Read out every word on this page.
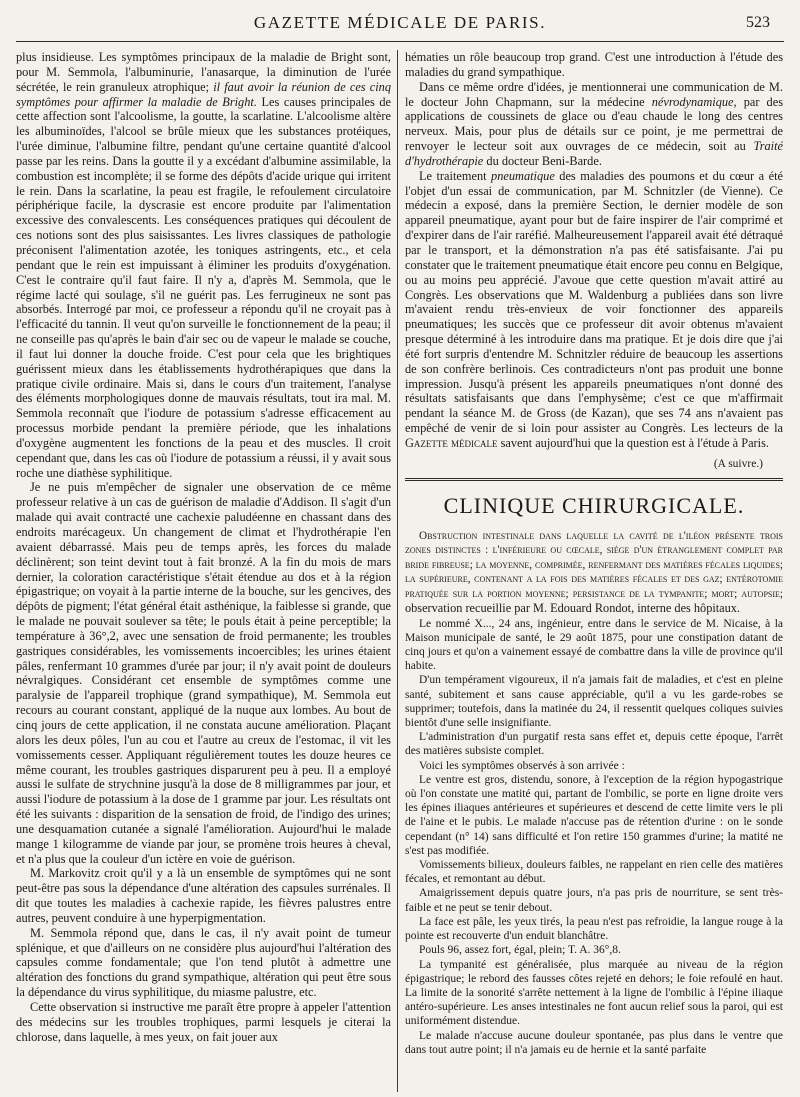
GAZETTE MÉDICALE DE PARIS.	523

plus insidieuse. Les symptômes principaux de la maladie de Bright sont, pour M. Semmola, l'albuminurie, l'anasarque, la diminution de l'urée sécrétée, le rein granuleux atrophique; il faut avoir la réunion de ces cinq symptômes pour affirmer la maladie de Bright. Les causes principales de cette affection sont l'alcoolisme, la goutte, la scarlatine. L'alcoolisme altère les albuminoïdes, l'alcool se brûle mieux que les substances protéiques, l'urée diminue, l'albumine filtre, pendant qu'une certaine quantité d'alcool passe par les reins. Dans la goutte il y a excédant d'albumine assimilable, la combustion est incomplète; il se forme des dépôts d'acide urique qui irritent le rein. Dans la scarlatine, la peau est fragile, le refoulement circulatoire périphérique facile, la dyscrasie est encore produite par l'alimentation excessive des convalescents. Les conséquences pratiques qui découlent de ces notions sont des plus saisissantes. Les livres classiques de pathologie préconisent l'alimentation azotée, les toniques astringents, etc., et cela pendant que le rein est impuissant à éliminer les produits d'oxygénation. C'est le contraire qu'il faut faire. Il n'y a, d'après M. Semmola, que le régime lacté qui soulage, s'il ne guérit pas. Les ferrugineux ne sont pas absorbés. Interrogé par moi, ce professeur a répondu qu'il ne croyait pas à l'efficacité du tannin. Il veut qu'on surveille le fonctionnement de la peau; il ne conseille pas qu'après le bain d'air sec ou de vapeur le malade se couche, il faut lui donner la douche froide. C'est pour cela que les brightiques guérissent mieux dans les établissements hydrothérapiques que dans la pratique civile ordinaire. Mais si, dans le cours d'un traitement, l'analyse des éléments morphologiques donne de mauvais résultats, tout ira mal. M. Semmola reconnaît que l'iodure de potassium s'adresse efficacement au processus morbide pendant la première période, que les inhalations d'oxygène augmentent les fonctions de la peau et des muscles. Il croit cependant que, dans les cas où l'iodure de potassium a réussi, il y avait sous roche une diathèse syphilitique.

Je ne puis m'empêcher de signaler une observation de ce même professeur relative à un cas de guérison de maladie d'Addison. Il s'agit d'un malade qui avait contracté une cachexie paludéenne en chassant dans des endroits marécageux. Un changement de climat et l'hydrothérapie l'en avaient débarrassé. Mais peu de temps après, les forces du malade déclinèrent; son teint devint tout à fait bronzé. A la fin du mois de mars dernier, la coloration caractéristique s'était étendue au dos et à la région épigastrique; on voyait à la partie interne de la bouche, sur les gencives, des dépôts de pigment; l'état général était asthénique, la faiblesse si grande, que le malade ne pouvait soulever sa tête; le pouls était à peine perceptible; la température à 36°,2, avec une sensation de froid permanente; les troubles gastriques considérables, les vomissements incoercibles; les urines étaient pâles, renfermant 10 grammes d'urée par jour; il n'y avait point de douleurs névralgiques. Considérant cet ensemble de symptômes comme une paralysie de l'appareil trophique (grand sympathique), M. Semmola eut recours au courant constant, appliqué de la nuque aux lombes. Au bout de cinq jours de cette application, il ne constata aucune amélioration. Plaçant alors les deux pôles, l'un au cou et l'autre au creux de l'estomac, il vit les vomissements cesser. Appliquant régulièrement toutes les douze heures ce même courant, les troubles gastriques disparurent peu à peu. Il a employé aussi le sulfate de strychnine jusqu'à la dose de 8 milligrammes par jour, et aussi l'iodure de potassium à la dose de 1 gramme par jour. Les résultats ont été les suivants : disparition de la sensation de froid, de l'indigo des urines; une desquamation cutanée a signalé l'amélioration. Aujourd'hui le malade mange 1 kilogramme de viande par jour, se promène trois heures à cheval, et n'a plus que la couleur d'un ictère en voie de guérison.

M. Markovitz croit qu'il y a là un ensemble de symptômes qui ne sont peut-être pas sous la dépendance d'une altération des capsules surrénales. Il dit que toutes les maladies à cachexie rapide, les fièvres palustres entre autres, peuvent conduire à une hyperpigmentation.

M. Semmola répond que, dans le cas, il n'y avait point de tumeur splénique, et que d'ailleurs on ne considère plus aujourd'hui l'altération des capsules comme fondamentale; que l'on tend plutôt à admettre une altération des fonctions du grand sympathique, altération qui peut être sous la dépendance du virus syphilitique, du miasme palustre, etc.

Cette observation si instructive me paraît être propre à appeler l'attention des médecins sur les troubles trophiques, parmi lesquels je citerai la chlorose, dans laquelle, à mes yeux, on fait jouer aux

hématies un rôle beaucoup trop grand. C'est une introduction à l'étude des maladies du grand sympathique.

Dans ce même ordre d'idées, je mentionnerai une communication de M. le docteur John Chapmann, sur la médecine névrodynamique, par des applications de coussinets de glace ou d'eau chaude le long des centres nerveux. Mais, pour plus de détails sur ce point, je me permettrai de renvoyer le lecteur soit aux ouvrages de ce médecin, soit au Traité d'hydrothérapie du docteur Beni-Barde.

Le traitement pneumatique des maladies des poumons et du cœur a été l'objet d'un essai de communication, par M. Schnitzler (de Vienne). Ce médecin a exposé, dans la première Section, le dernier modèle de son appareil pneumatique, ayant pour but de faire inspirer de l'air comprimé et d'expirer dans de l'air raréfié. Malheureusement l'appareil avait été détraqué par le transport, et la démonstration n'a pas été satisfaisante. J'ai pu constater que le traitement pneumatique était encore peu connu en Belgique, ou au moins peu apprécié. J'avoue que cette question m'avait attiré au Congrès. Les observations que M. Waldenburg a publiées dans son livre m'avaient rendu très-envieux de voir fonctionner des appareils pneumatiques; les succès que ce professeur dit avoir obtenus m'avaient presque déterminé à les introduire dans ma pratique. Et je dois dire que j'ai été fort surpris d'entendre M. Schnitzler réduire de beaucoup les assertions de son confrère berlinois. Ces contradicteurs n'ont pas produit une bonne impression. Jusqu'à présent les appareils pneumatiques n'ont donné des résultats satisfaisants que dans l'emphysème; c'est ce que m'affirmait pendant la séance M. de Gross (de Kazan), que ses 74 ans n'avaient pas empêché de venir de si loin pour assister au Congrès. Les lecteurs de la Gazette médicale savent aujourd'hui que la question est à l'étude à Paris.

(A suivre.)
CLINIQUE CHIRURGICALE.

Obstruction intestinale dans laquelle la cavité de l'iléon présente trois zones distinctes : l'inférieure ou cœcale, siége d'un étranglement complet par bride fibreuse; la moyenne, comprimée, renfermant des matières fécales liquides; la supérieure, contenant a la fois des matières fécales et des gaz; entérotomie pratiquée sur la portion moyenne; persistance de la tympanite; mort; autopsie; observation recueillie par M. Edouard Rondot, interne des hôpitaux.

Le nommé X..., 24 ans, ingénieur, entre dans le service de M. Nicaise, à la Maison municipale de santé, le 29 août 1875, pour une constipation datant de cinq jours et qu'on a vainement essayé de combattre dans la ville de province qu'il habite.

D'un tempérament vigoureux, il n'a jamais fait de maladies, et c'est en pleine santé, subitement et sans cause appréciable, qu'il a vu les garde-robes se supprimer; toutefois, dans la matinée du 24, il ressentit quelques coliques suivies bientôt d'une selle insignifiante.

L'administration d'un purgatif resta sans effet et, depuis cette époque, l'arrêt des matières subsiste complet.

Voici les symptômes observés à son arrivée :

Le ventre est gros, distendu, sonore, à l'exception de la région hypogastrique où l'on constate une matité qui, partant de l'ombilic, se porte en ligne droite vers les épines iliaques antérieures et supérieures et descend de cette limite vers le pli de l'aine et le pubis. Le malade n'accuse pas de rétention d'urine : on le sonde cependant (n° 14) sans difficulté et l'on retire 150 grammes d'urine; la matité ne s'est pas modifiée.

Vomissements bilieux, douleurs faibles, ne rappelant en rien celle des matières fécales, et remontant au début.

Amaigrissement depuis quatre jours, n'a pas pris de nourriture, se sent très-faible et ne peut se tenir debout.

La face est pâle, les yeux tirés, la peau n'est pas refroidie, la langue rouge à la pointe est recouverte d'un enduit blanchâtre.

Pouls 96, assez fort, égal, plein; T. A. 36°,8.

La tympanité est généralisée, plus marquée au niveau de la région épigastrique; le rebord des fausses côtes rejeté en dehors; le foie refoulé en haut. La limite de la sonorité s'arrête nettement à la ligne de l'ombilic à l'épine iliaque antéro-supérieure. Les anses intestinales ne font aucun relief sous la paroi, qui est uniformément distendue.

Le malade n'accuse aucune douleur spontanée, pas plus dans le ventre que dans tout autre point; il n'a jamais eu de hernie et la santé parfaite
